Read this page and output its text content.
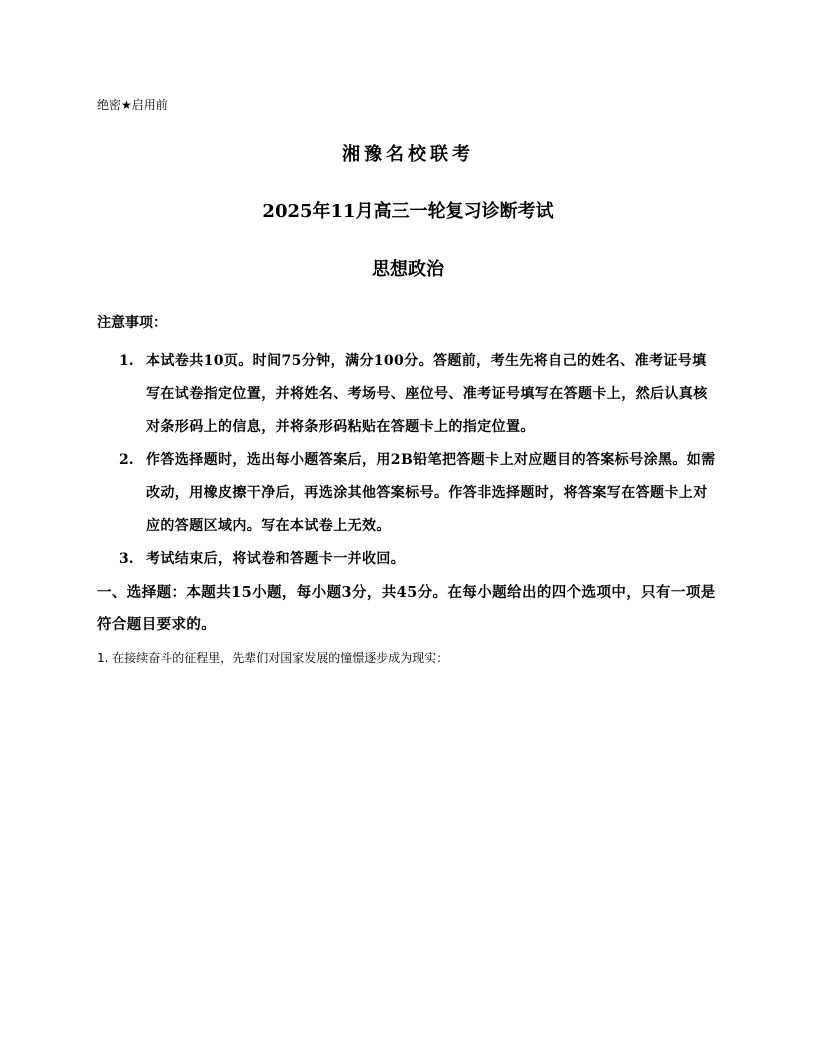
绝密★启用前
湘豫名校联考
2025年11月高三一轮复习诊断考试
思想政治
注意事项：
1. 本试卷共10页。时间75分钟，满分100分。答题前，考生先将自己的姓名、准考证号填写在试卷指定位置，并将姓名、考场号、座位号、准考证号填写在答题卡上，然后认真核对条形码上的信息，并将条形码粘贴在答题卡上的指定位置。
2. 作答选择题时，选出每小题答案后，用2B铅笔把答题卡上对应题目的答案标号涂黑。如需改动，用橡皮擦干净后，再选涂其他答案标号。作答非选择题时，将答案写在答题卡上对应的答题区域内。写在本试卷上无效。
3. 考试结束后，将试卷和答题卡一并收回。
一、选择题：本题共15小题，每小题3分，共45分。在每小题给出的四个选项中，只有一项是符合题目要求的。
1. 在接续奋斗的征程里，先辈们对国家发展的憧憬逐步成为现实：
